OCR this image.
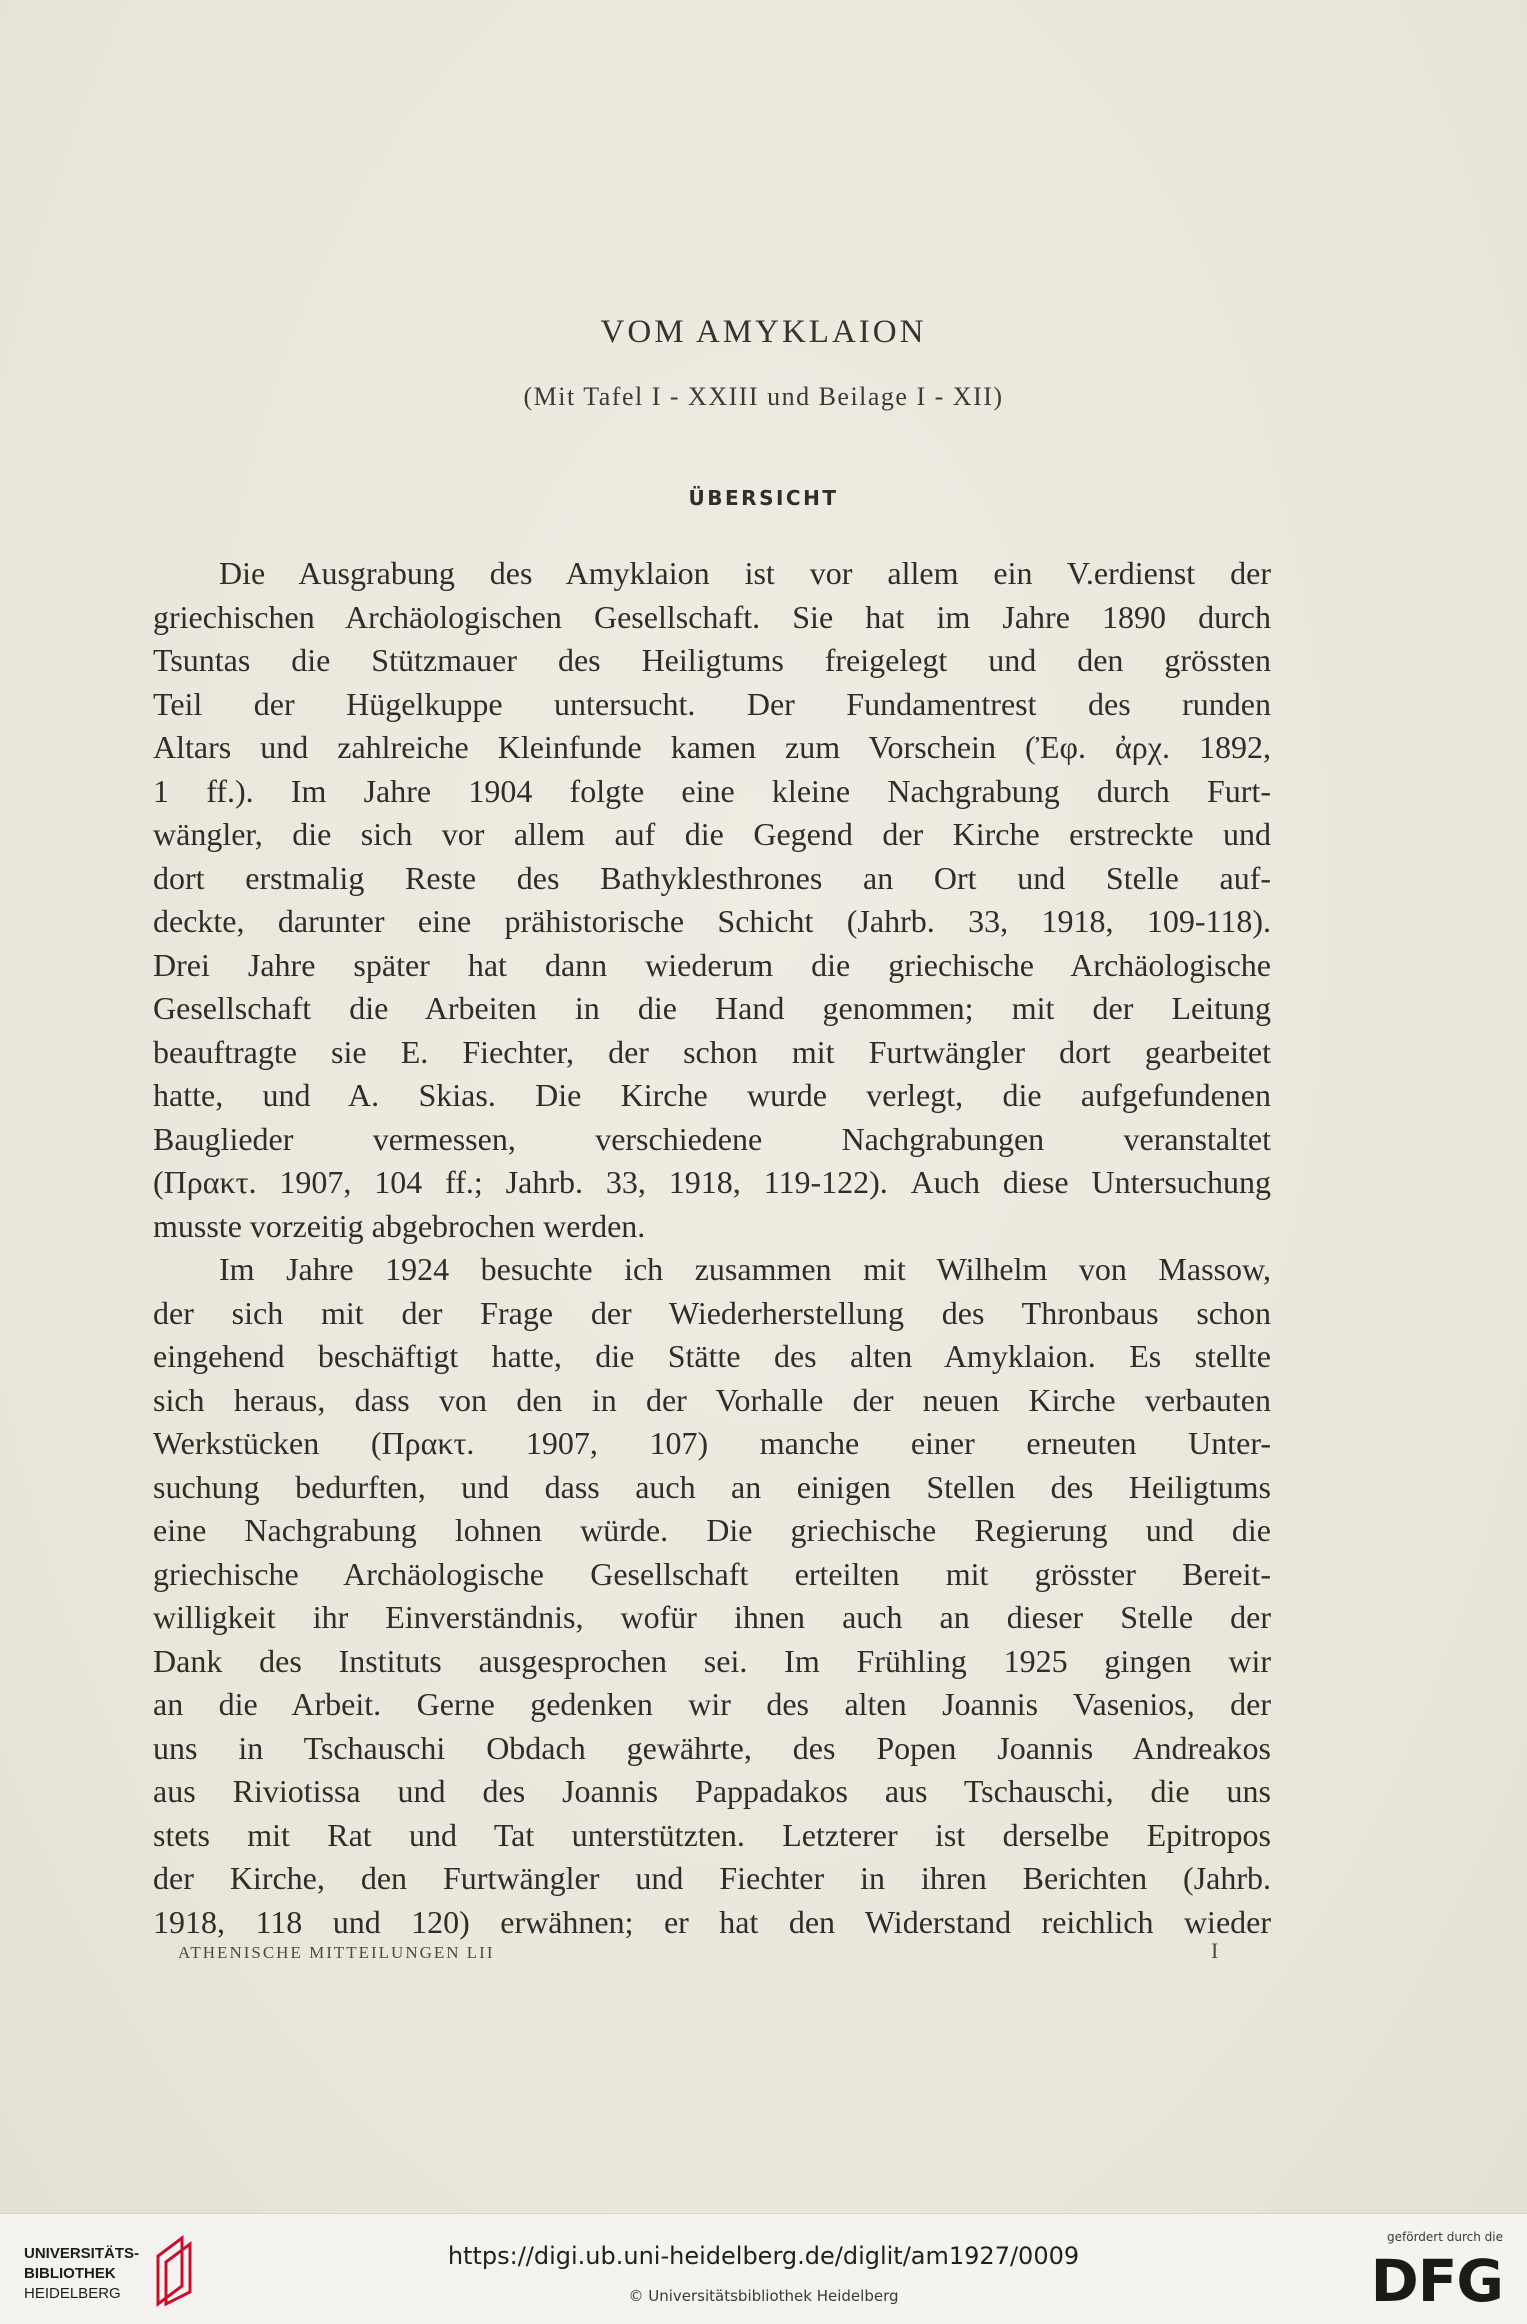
VOM AMYKLAION
(Mit Tafel I - XXIII und Beilage I - XII)
ÜBERSICHT
Die Ausgrabung des Amyklaion ist vor allem ein V.erdienst der
griechischen Archäologischen Gesellschaft. Sie hat im Jahre 1890 durch
Tsuntas die Stützmauer des Heiligtums freigelegt und den grössten
Teil der Hügelkuppe untersucht. Der Fundamentrest des runden
Altars und zahlreiche Kleinfunde kamen zum Vorschein (Ἐφ. ἀρχ. 1892,
1 ff.). Im Jahre 1904 folgte eine kleine Nachgrabung durch Furt-
wängler, die sich vor allem auf die Gegend der Kirche erstreckte und
dort erstmalig Reste des Bathyklesthrones an Ort und Stelle auf-
deckte, darunter eine prähistorische Schicht (Jahrb. 33, 1918, 109-118).
Drei Jahre später hat dann wiederum die griechische Archäologische
Gesellschaft die Arbeiten in die Hand genommen; mit der Leitung
beauftragte sie E. Fiechter, der schon mit Furtwängler dort gearbeitet
hatte, und A. Skias. Die Kirche wurde verlegt, die aufgefundenen
Bauglieder vermessen, verschiedene Nachgrabungen veranstaltet
(Πρακτ. 1907, 104 ff.; Jahrb. 33, 1918, 119-122). Auch diese Untersuchung
musste vorzeitig abgebrochen werden.
Im Jahre 1924 besuchte ich zusammen mit Wilhelm von Massow,
der sich mit der Frage der Wiederherstellung des Thronbaus schon
eingehend beschäftigt hatte, die Stätte des alten Amyklaion. Es stellte
sich heraus, dass von den in der Vorhalle der neuen Kirche verbauten
Werkstücken (Πρακτ. 1907, 107) manche einer erneuten Unter-
suchung bedurften, und dass auch an einigen Stellen des Heiligtums
eine Nachgrabung lohnen würde. Die griechische Regierung und die
griechische Archäologische Gesellschaft erteilten mit grösster Bereit-
willigkeit ihr Einverständnis, wofür ihnen auch an dieser Stelle der
Dank des Instituts ausgesprochen sei. Im Frühling 1925 gingen wir
an die Arbeit. Gerne gedenken wir des alten Joannis Vasenios, der
uns in Tschauschi Obdach gewährte, des Popen Joannis Andreakos
aus Riviotissa und des Joannis Pappadakos aus Tschauschi, die uns
stets mit Rat und Tat unterstützten. Letzterer ist derselbe Epitropos
der Kirche, den Furtwängler und Fiechter in ihren Berichten (Jahrb.
1918, 118 und 120) erwähnen; er hat den Widerstand reichlich wieder
ATHENISCHE MITTEILUNGEN LII	I
UNIVERSITÄTS-
BIBLIOTHEK
HEIDELBERG
https://digi.ub.uni-heidelberg.de/diglit/am1927/0009
© Universitätsbibliothek Heidelberg
gefördert durch die
DFG
